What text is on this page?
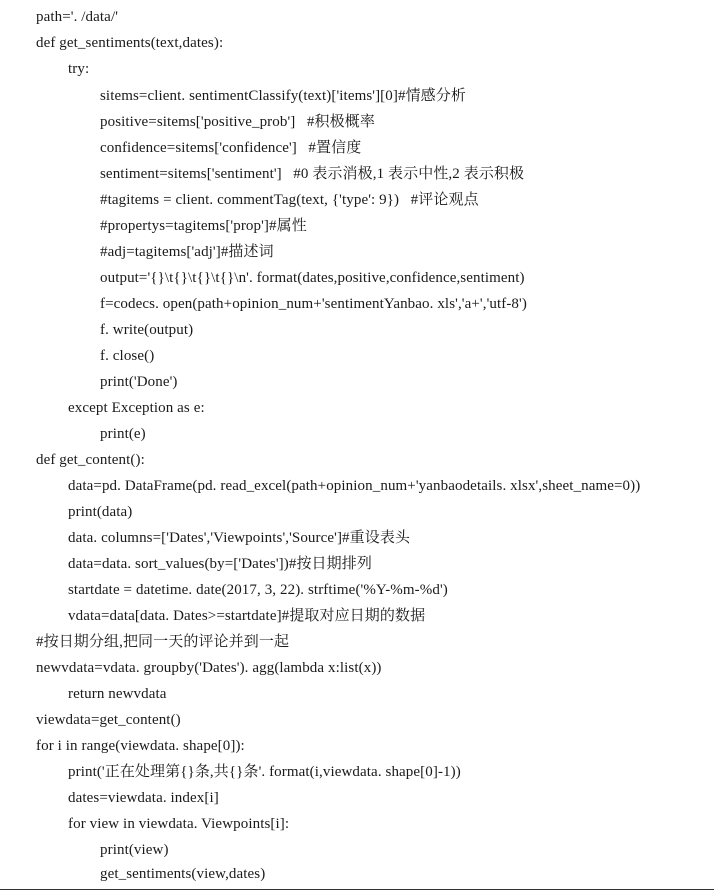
path='. /data/'
def get_sentiments(text,dates):
try:
sitems=client. sentimentClassify(text)['items'][0]#情感分析
positive=sitems['positive_prob']   #积极概率
confidence=sitems['confidence']   #置信度
sentiment=sitems['sentiment']   #0 表示消极,1 表示中性,2 表示积极
#tagitems = client. commentTag(text, {'type': 9})   #评论观点
#propertys=tagitems['prop']#属性
#adj=tagitems['adj']#描述词
output='{}\t{}\t{}\t{}\n'. format(dates,positive,confidence,sentiment)
f=codecs. open(path+opinion_num+'sentimentYanbao. xls','a+','utf-8')
f. write(output)
f. close()
print('Done')
except Exception as e:
print(e)
def get_content():
data=pd. DataFrame(pd. read_excel(path+opinion_num+'yanbaodetails. xlsx',sheet_name=0))
print(data)
data. columns=['Dates','Viewpoints','Source']#重设表头
data=data. sort_values(by=['Dates'])#按日期排列
startdate = datetime. date(2017, 3, 22). strftime('%Y-%m-%d')
vdata=data[data. Dates>=startdate]#提取对应日期的数据
#按日期分组,把同一天的评论并到一起
newvdata=vdata. groupby('Dates'). agg(lambda x:list(x))
return newvdata
viewdata=get_content()
for i in range(viewdata. shape[0]):
print('正在处理第{}条,共{}条'. format(i,viewdata. shape[0]-1))
dates=viewdata. index[i]
for view in viewdata. Viewpoints[i]:
print(view)
get_sentiments(view,dates)
